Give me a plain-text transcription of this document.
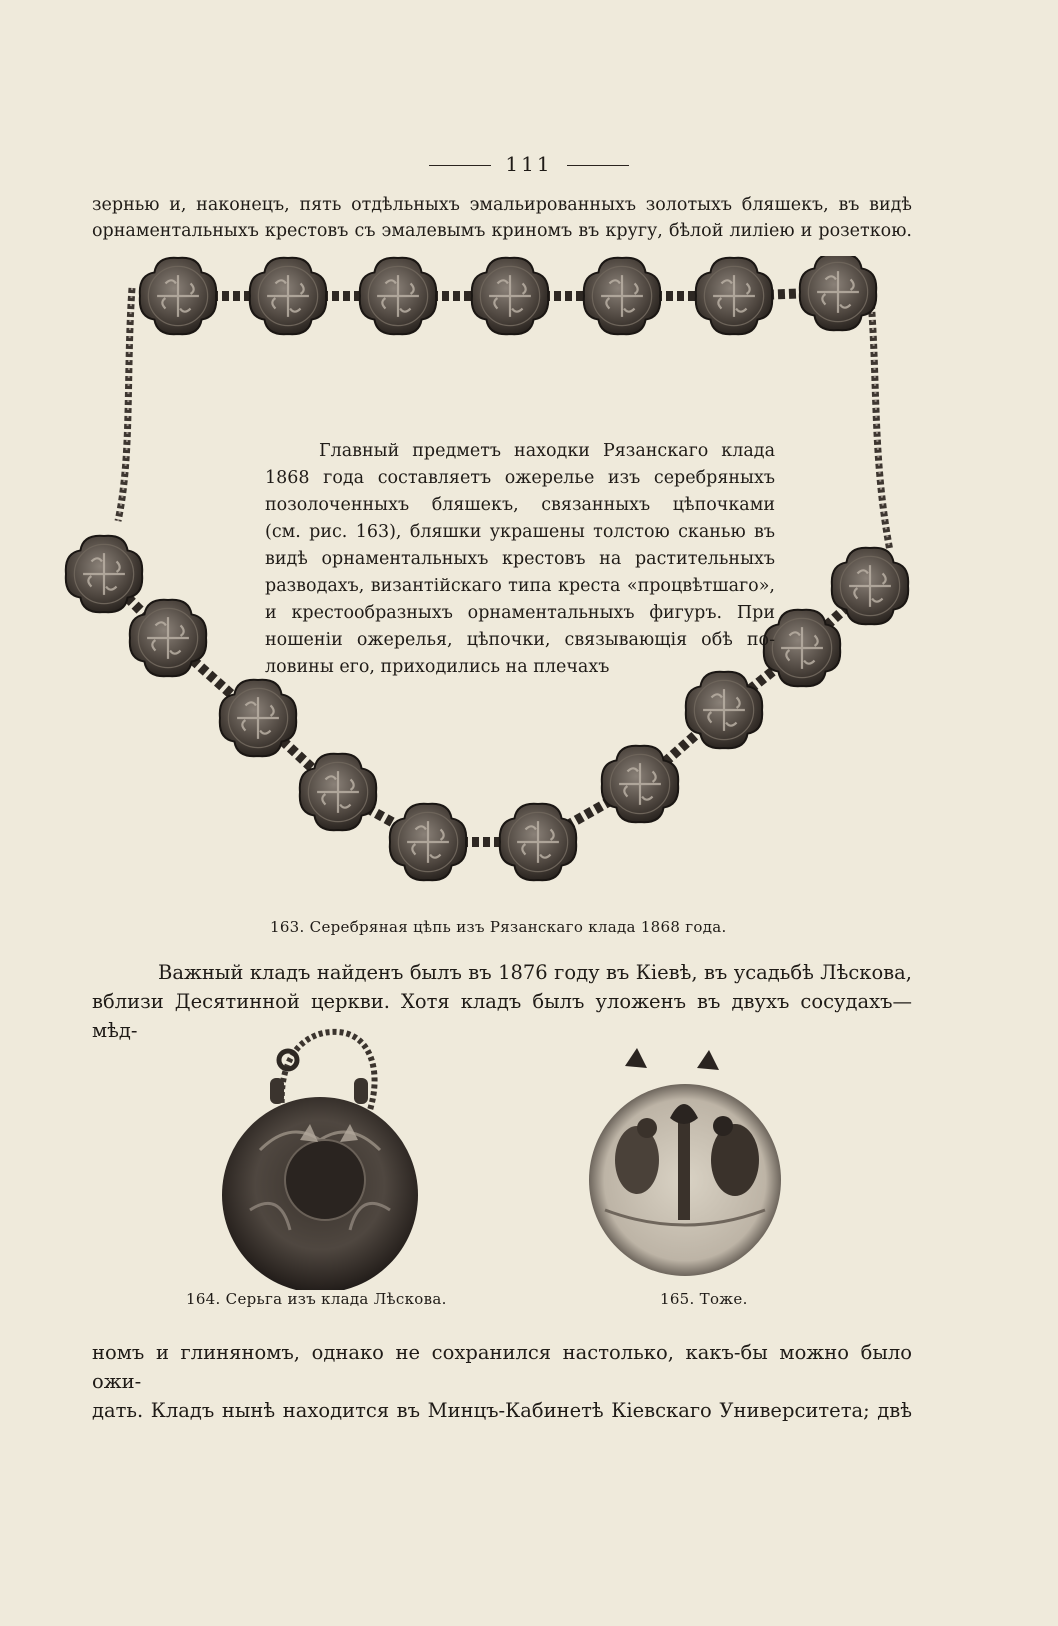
111
зернью и, наконецъ, пять отдѣльныхъ эмальированныхъ золотыхъ бляшекъ, въ видѣ
орнаментальныхъ крестовъ съ эмалевымъ криномъ въ кругу, бѣлой лиліею и розеткою.
Главный предметъ находки Рязанскаго клада
1868 года составляетъ ожерелье изъ серебряныхъ
позолоченныхъ бляшекъ, связанныхъ цѣпочками
(см. рис. 163), бляшки украшены толстою сканью въ
видѣ орнаментальныхъ крестовъ на растительныхъ
разводахъ, византійскаго типа креста «процвѣтшаго»,
и крестообразныхъ орнаментальныхъ фигуръ. При
ношеніи ожерелья, цѣпочки, связывающія обѣ по-
ловины его, приходились на плечахъ
163. Серебряная цѣпь изъ Рязанскаго клада 1868 года.
Важный кладъ найденъ былъ въ 1876 году въ Кіевѣ, въ усадьбѣ Лѣскова,
вблизи Десятинной церкви. Хотя кладъ былъ уложенъ въ двухъ сосудахъ—мѣд-
164. Серьга изъ клада Лѣскова.	165. Тоже.
номъ и глиняномъ, однако не сохранился настолько, какъ-бы можно было ожи-
дать. Кладъ нынѣ находится въ Минцъ-Кабинетѣ Кіевскаго Университета; двѣ
